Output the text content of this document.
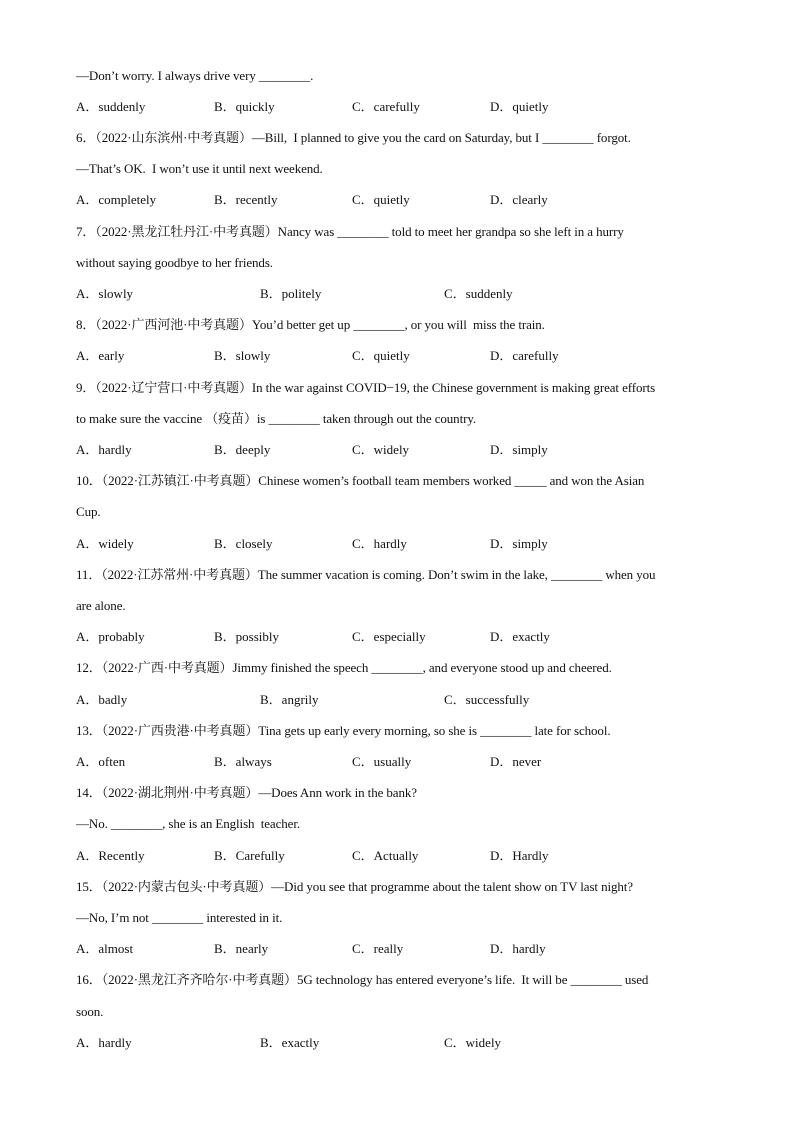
—Don’t worry. I always drive very ________.

A．suddenly

	B．quickly

	C．carefully

	D．quietly

6．（2022·山东滨州·中考真题）—Bill,  I planned to give you the card on Saturday, but I ________ forgot.
—That’s OK.  I won’t use it until next weekend.

A．completely

	B．recently

	C．quietly

	D．clearly

7．（2022·黑龙江牡丹江·中考真题）Nancy was ________ told to meet her grandpa so she left in a hurry
without saying goodbye to her friends.

A．slowly

	B．politely

	C．suddenly

8．（2022·广西河池·中考真题）You’d better get up ________, or you will  miss the train.

A．early

	B．slowly

	C．quietly

	D．carefully

9．（2022·辽宁营口·中考真题）In the war against COVID−19, the Chinese government is making great efforts
to make sure the vaccine （疫苗）is ________ taken through out the country.

A．hardly

	B．deeply

	C．widely

	D．simply

10．（2022·江苏镇江·中考真题）Chinese women’s football team members worked _____ and won the Asian
Cup.

A．widely

	B．closely

	C．hardly

	D．simply

11．（2022·江苏常州·中考真题）The summer vacation is coming. Don’t swim in the lake, ________ when you
are alone.

A．probably

	B．possibly

	C．especially

	D．exactly

12．（2022·广西·中考真题）Jimmy finished the speech ________, and everyone stood up and cheered.

A．badly

	B．angrily

	C．successfully

13．（2022·广西贵港·中考真题）Tina gets up early every morning, so she is ________ late for school.

A．often

	B．always

	C．usually

	D．never

14．（2022·湖北荆州·中考真题）—Does Ann work in the bank?
—No. ________, she is an English  teacher.

A．Recently

	B．Carefully

	C．Actually

	D．Hardly

15．（2022·内蒙古包头·中考真题）—Did you see that programme about the talent show on TV last night?
—No, I’m not ________ interested in it.

A．almost

	B．nearly

	C．really

	D．hardly

16．（2022·黑龙江齐齐哈尔·中考真题）5G technology has entered everyone’s life.  It will be ________ used
soon.

A．hardly

	B．exactly

	C．widely
